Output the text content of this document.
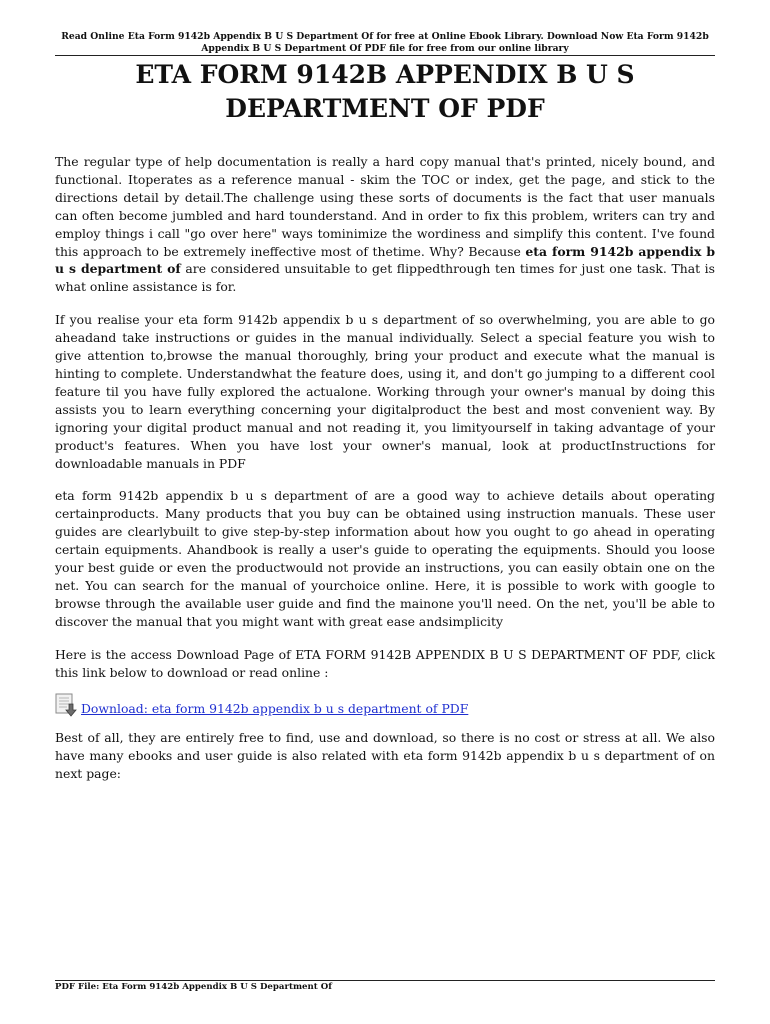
Read Online Eta Form 9142b Appendix B U S Department Of for free at Online Ebook Library. Download Now Eta Form 9142b
Appendix B U S Department Of PDF file for free from our online library
ETA FORM 9142B APPENDIX B U S
DEPARTMENT OF PDF

The regular type of help documentation is really a hard copy manual that's printed, nicely bound, and functional. Itoperates as a reference manual - skim the TOC or index, get the page, and stick to the directions detail by detail.The challenge using these sorts of documents is the fact that user manuals can often become jumbled and hard tounderstand. And in order to fix this problem, writers can try and employ things i call "go over here" ways tominimize the wordiness and simplify this content. I've found this approach to be extremely ineffective most of thetime. Why? Because eta form 9142b appendix b u s department of are considered unsuitable to get flippedthrough ten times for just one task. That is what online assistance is for.

If you realise your eta form 9142b appendix b u s department of so overwhelming, you are able to go aheadand take instructions or guides in the manual individually. Select a special feature you wish to give attention to,browse the manual thoroughly, bring your product and execute what the manual is hinting to complete. Understandwhat the feature does, using it, and don't go jumping to a different cool feature til you have fully explored the actualone. Working through your owner's manual by doing this assists you to learn everything concerning your digitalproduct the best and most convenient way. By ignoring your digital product manual and not reading it, you limityourself in taking advantage of your product's features. When you have lost your owner's manual, look at productInstructions for downloadable manuals in PDF

eta form 9142b appendix b u s department of are a good way to achieve details about operating certainproducts. Many products that you buy can be obtained using instruction manuals. These user guides are clearlybuilt to give step-by-step information about how you ought to go ahead in operating certain equipments. Ahandbook is really a user's guide to operating the equipments. Should you loose your best guide or even the productwould not provide an instructions, you can easily obtain one on the net. You can search for the manual of yourchoice online. Here, it is possible to work with google to browse through the available user guide and find the mainone you'll need. On the net, you'll be able to discover the manual that you might want with great ease andsimplicity

Here is the access Download Page of ETA FORM 9142B APPENDIX B U S DEPARTMENT OF PDF, click this link below to download or read online :

Download: eta form 9142b appendix b u s department of PDF

Best of all, they are entirely free to find, use and download, so there is no cost or stress at all. We also have many ebooks and user guide is also related with eta form 9142b appendix b u s department of on next page:

PDF File: Eta Form 9142b Appendix B U S Department Of
